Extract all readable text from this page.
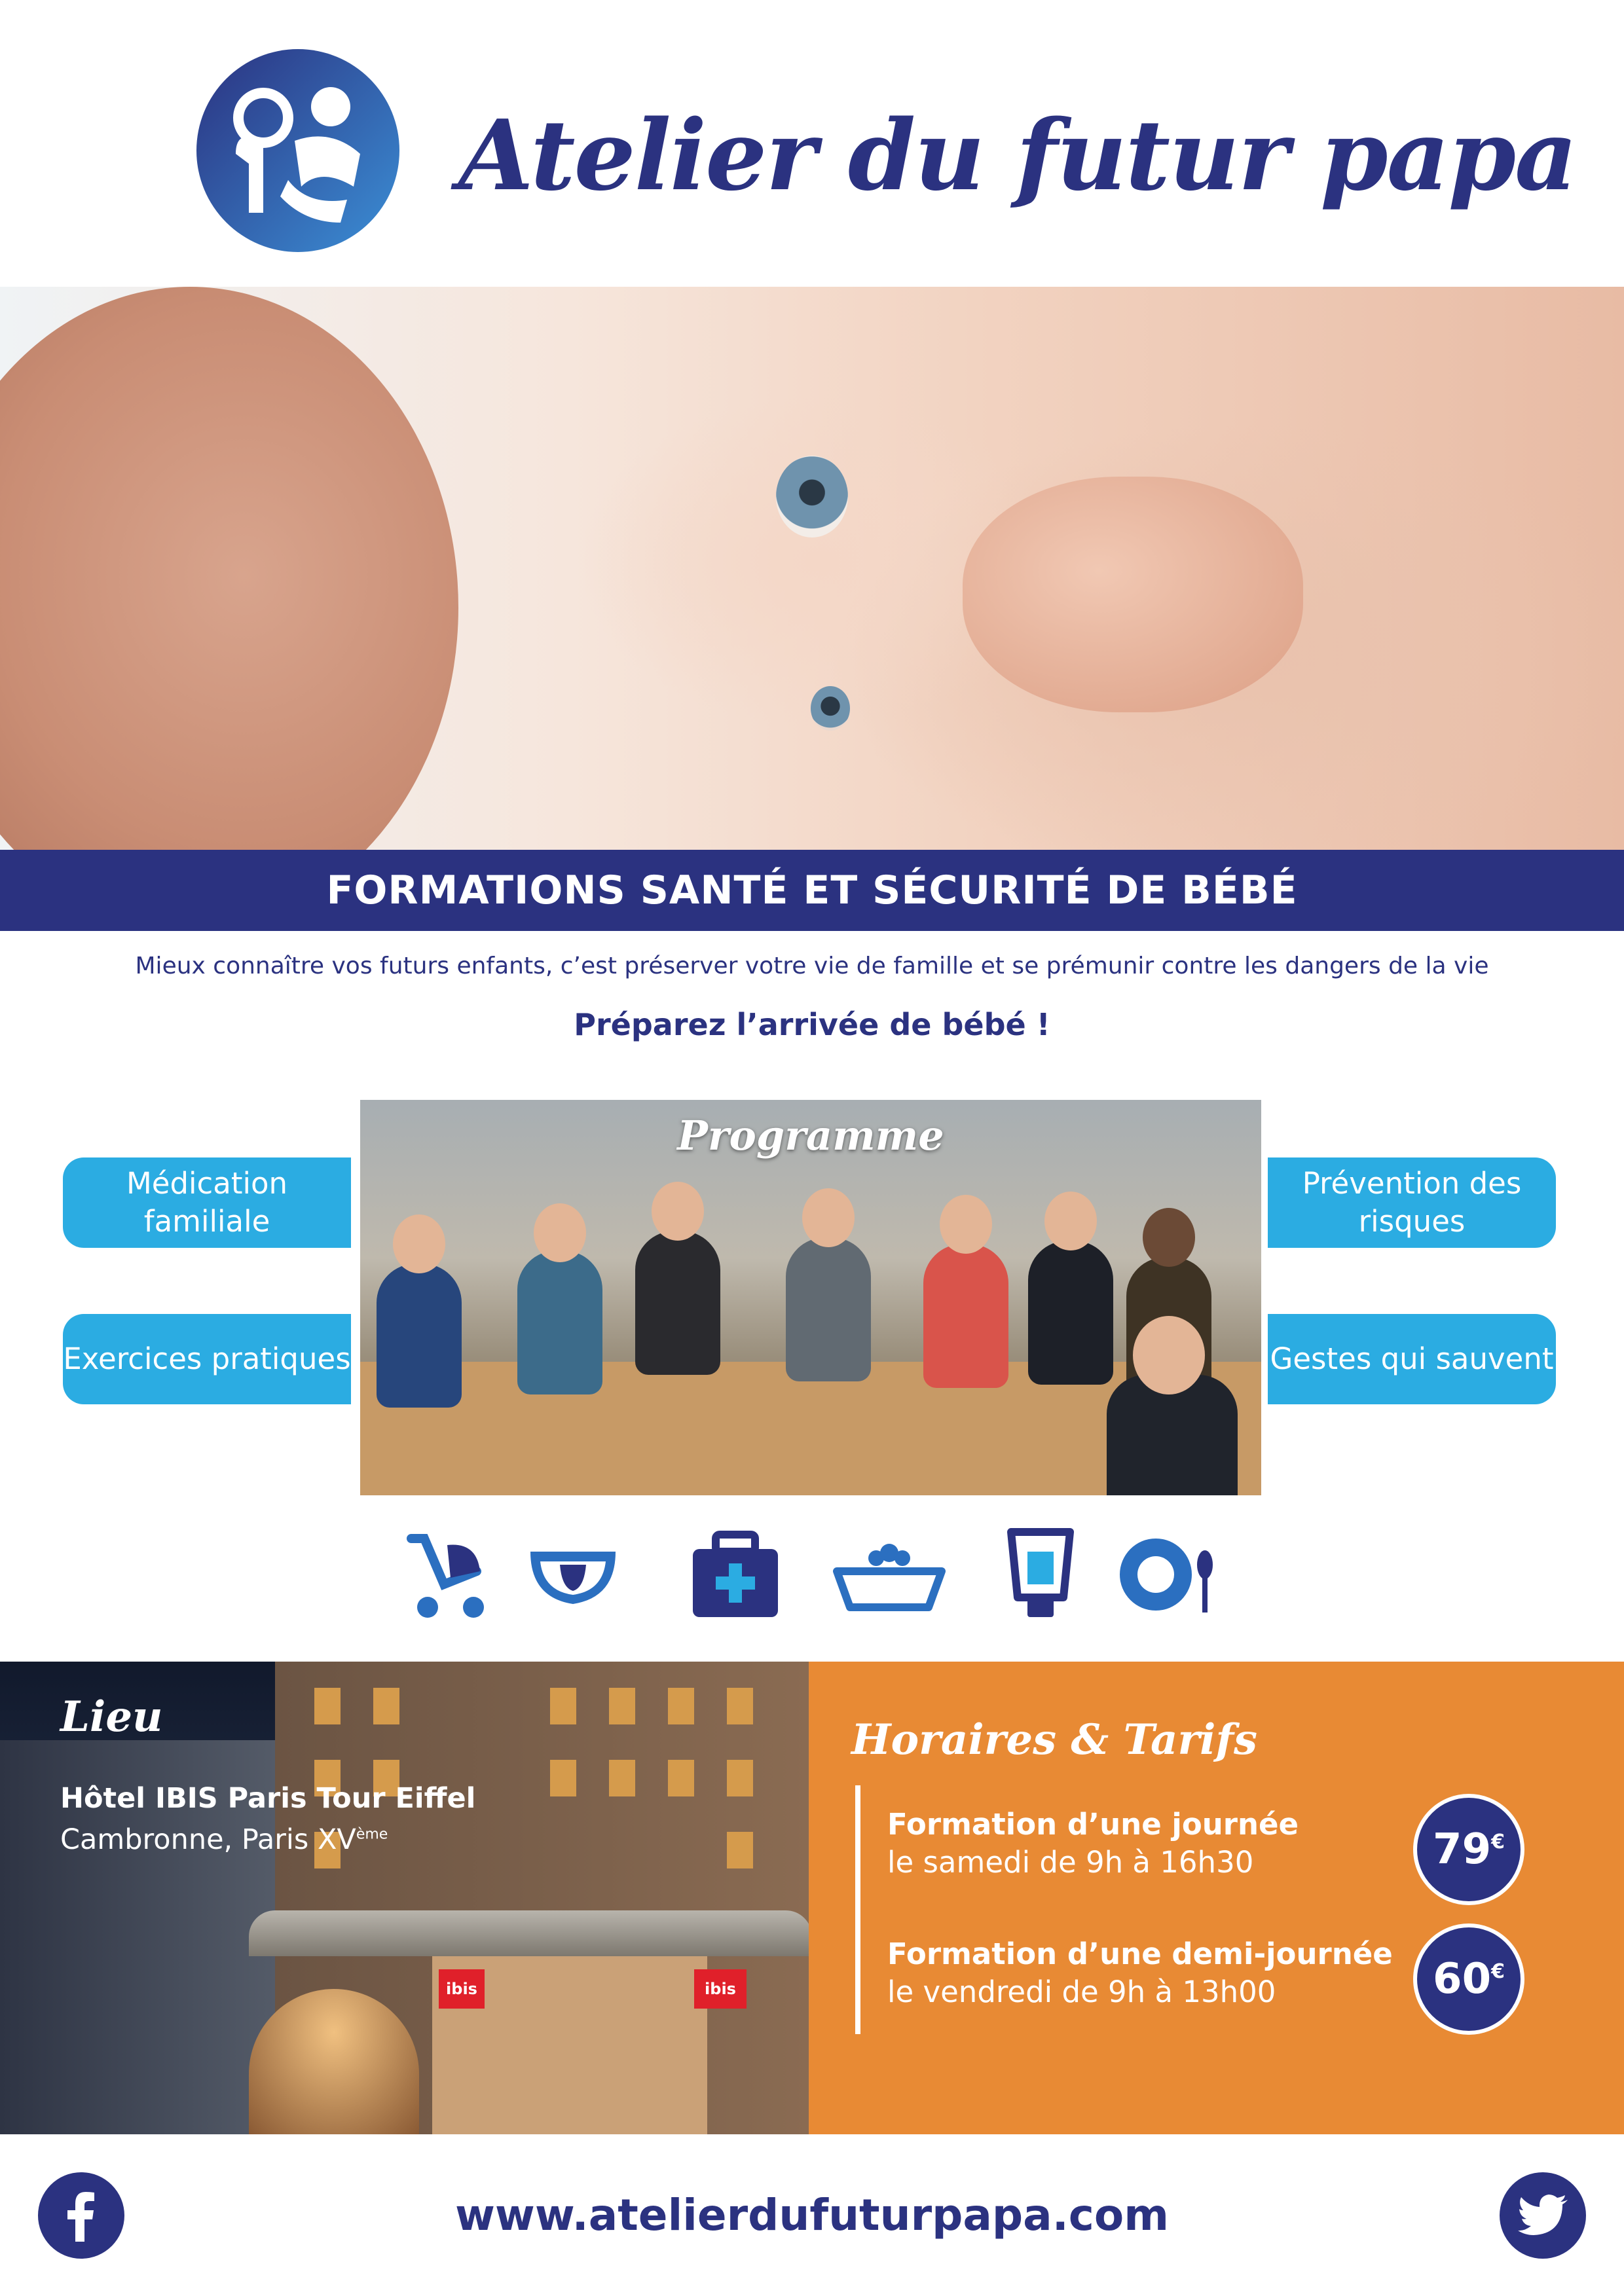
Atelier du futur papa
FORMATIONS SANTÉ ET SÉCURITÉ DE BÉBÉ
Mieux connaître vos futurs enfants, c’est préserver votre vie de famille et se prémunir contre les dangers de la vie
Préparez l’arrivée de bébé !
Médication familiale
Exercices pratiques
Prévention des risques
Gestes qui sauvent
Programme
ibis	ibis
Lieu
Hôtel IBIS Paris Tour Eiffel
Cambronne, Paris XVème
Horaires & Tarifs
Formation d’une journée
le samedi de 9h à 16h30	79 €
Formation d’une demi-journée
le vendredi de 9h à 13h00	60 €
www.atelierdufuturpapa.com
